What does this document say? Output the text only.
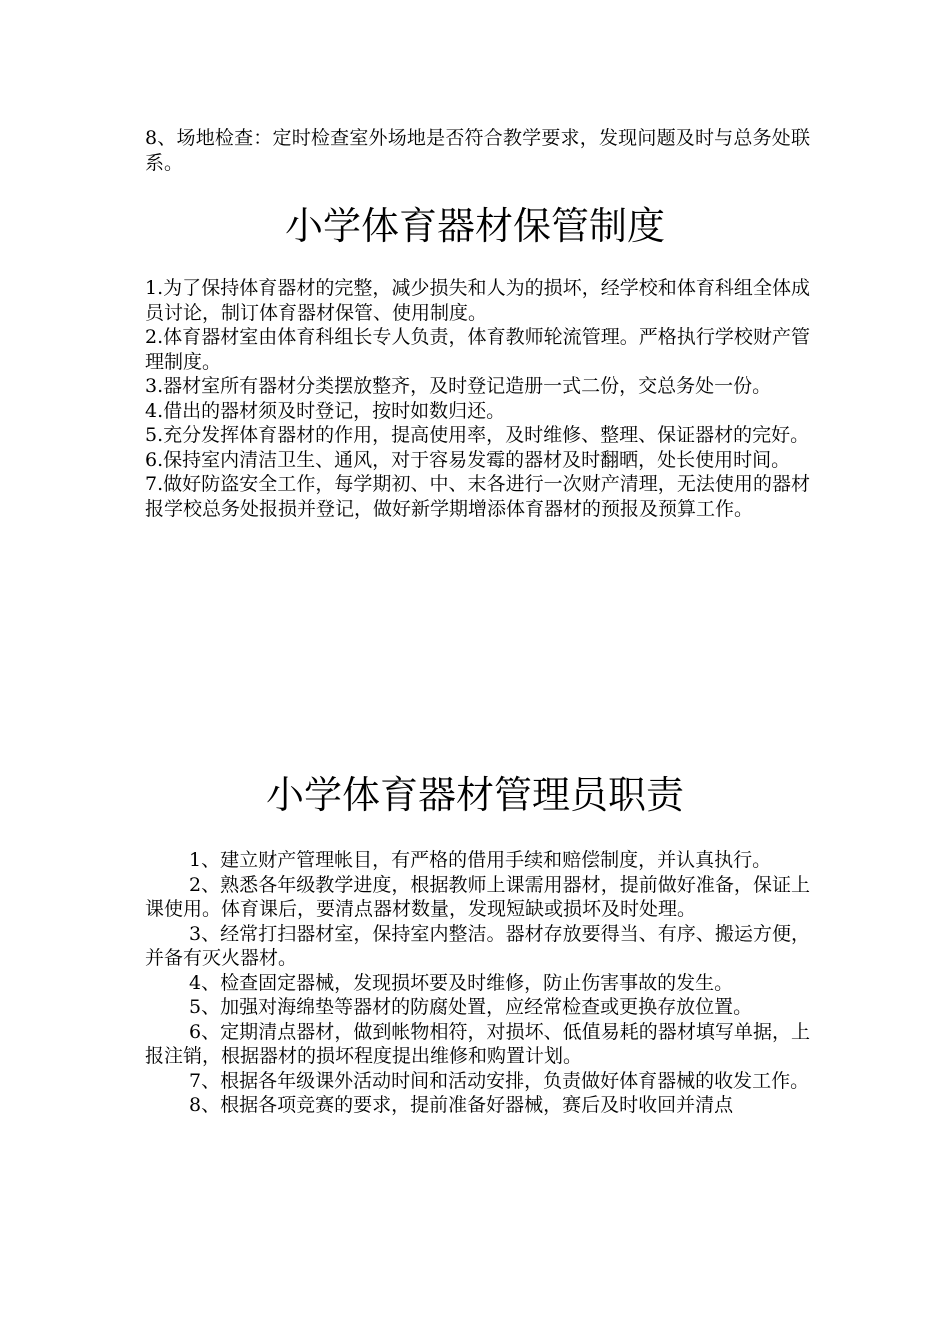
8、场地检查：定时检查室外场地是否符合教学要求，发现问题及时与总务处联系。

小学体育器材保管制度

1.为了保持体育器材的完整，减少损失和人为的损坏，经学校和体育科组全体成员讨论，制订体育器材保管、使用制度。

2.体育器材室由体育科组长专人负责，体育教师轮流管理。严格执行学校财产管理制度。

3.器材室所有器材分类摆放整齐，及时登记造册一式二份，交总务处一份。

4.借出的器材须及时登记，按时如数归还。

5.充分发挥体育器材的作用，提高使用率，及时维修、整理、保证器材的完好。

6.保持室内清洁卫生、通风，对于容易发霉的器材及时翻晒，处长使用时间。

7.做好防盗安全工作，每学期初、中、末各进行一次财产清理，无法使用的器材报学校总务处报损并登记，做好新学期增添体育器材的预报及预算工作。

小学体育器材管理员职责

1、建立财产管理帐目，有严格的借用手续和赔偿制度，并认真执行。

2、熟悉各年级教学进度，根据教师上课需用器材，提前做好准备，保证上课使用。体育课后，要清点器材数量，发现短缺或损坏及时处理。

3、经常打扫器材室，保持室内整洁。器材存放要得当、有序、搬运方便，并备有灭火器材。

4、检查固定器械，发现损坏要及时维修，防止伤害事故的发生。

5、加强对海绵垫等器材的防腐处置，应经常检查或更换存放位置。

6、定期清点器材，做到帐物相符，对损坏、低值易耗的器材填写单据，上报注销，根据器材的损坏程度提出维修和购置计划。

7、根据各年级课外活动时间和活动安排，负责做好体育器械的收发工作。

8、根据各项竞赛的要求，提前准备好器械，赛后及时收回并清点
